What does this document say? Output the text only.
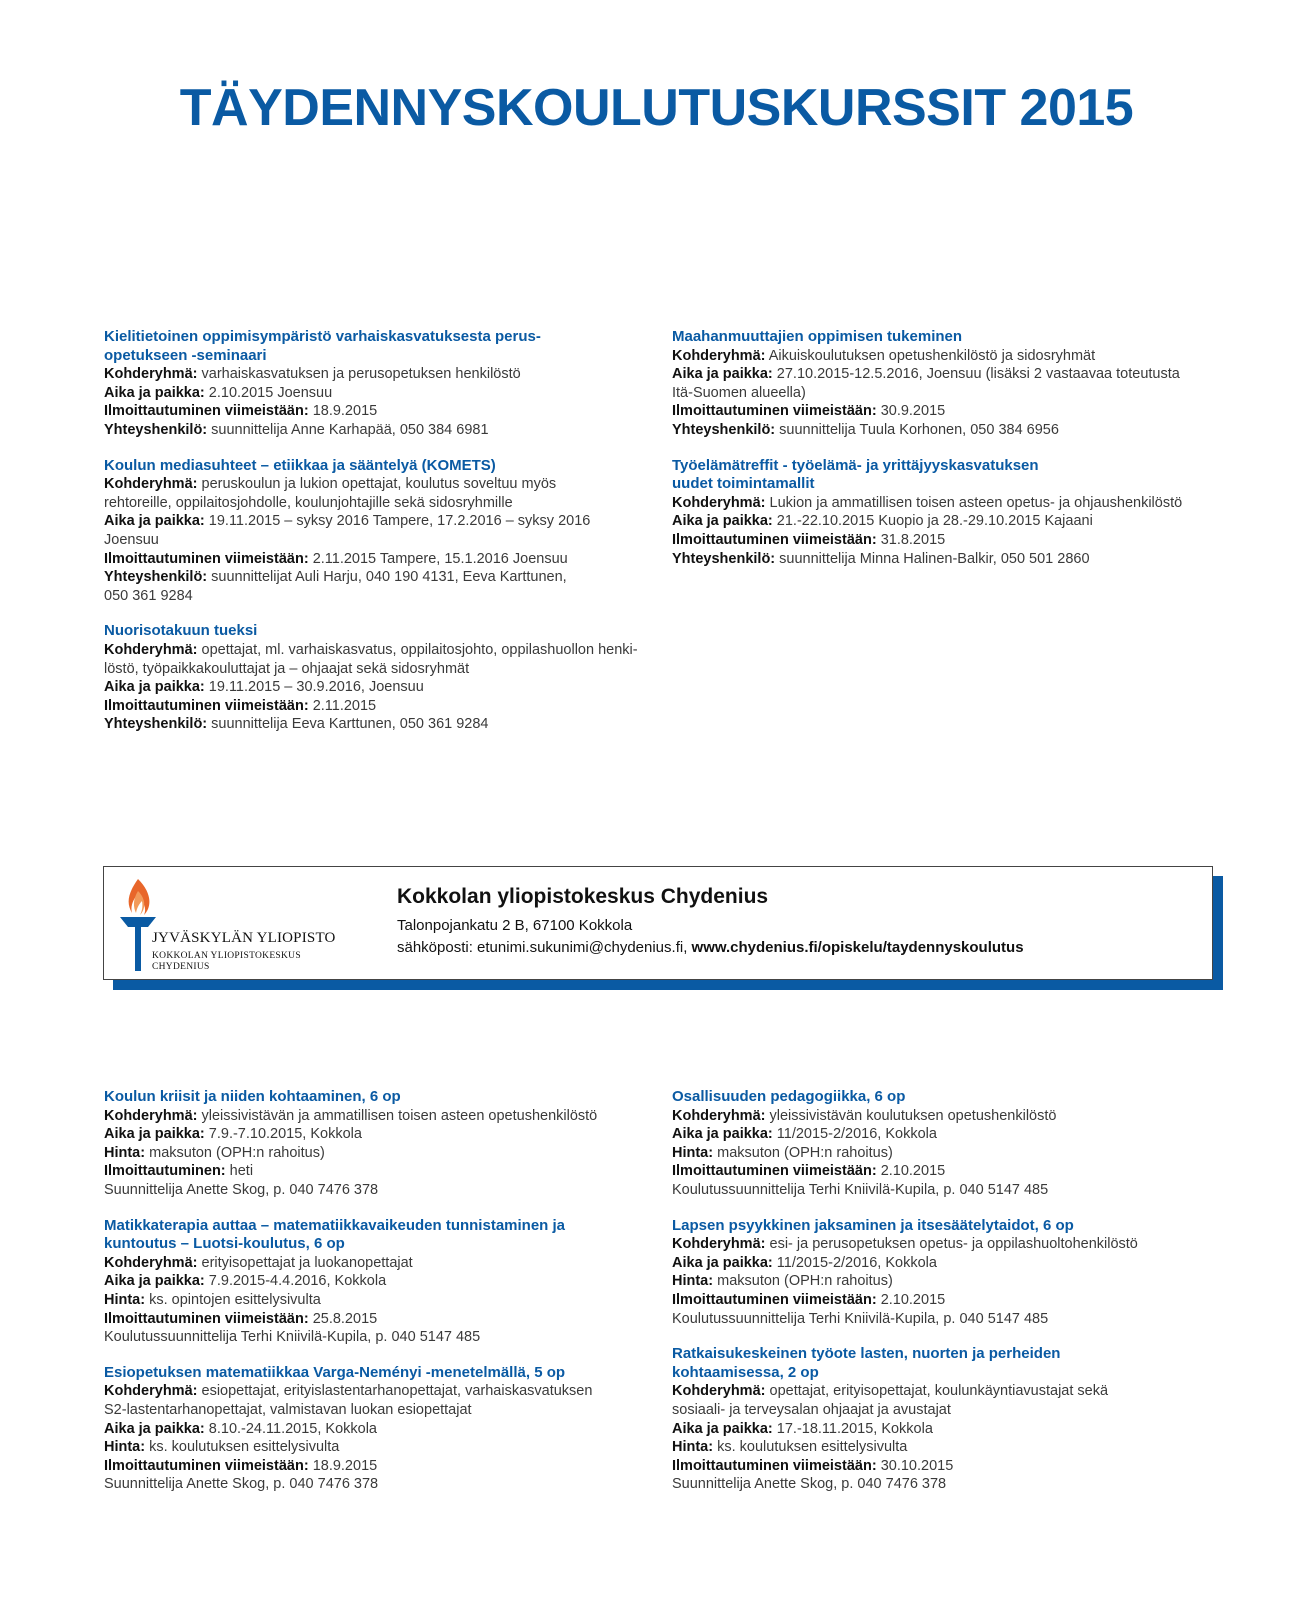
TÄYDENNYSKOULUTUSKURSSIT 2015
Kielitietoinen oppimisympäristö varhaiskasvatuksesta perus-
opetukseen -seminaari
Kohderyhmä: varhaiskasvatuksen ja perusopetuksen henkilöstö
Aika ja paikka: 2.10.2015 Joensuu
Ilmoittautuminen viimeistään: 18.9.2015
Yhteyshenkilö: suunnittelija Anne Karhapää, 050 384 6981
Koulun mediasuhteet – etiikkaa ja sääntelyä (KOMETS)
Kohderyhmä: peruskoulun ja lukion opettajat, koulutus soveltuu myös
rehtoreille, oppilaitosjohdolle, koulunjohtajille sekä sidosryhmille
Aika ja paikka: 19.11.2015 – syksy 2016 Tampere, 17.2.2016 – syksy 2016
Joensuu
Ilmoittautuminen viimeistään: 2.11.2015 Tampere, 15.1.2016 Joensuu
Yhteyshenkilö: suunnittelijat Auli Harju, 040 190 4131, Eeva Karttunen,
050 361 9284
Nuorisotakuun tueksi
Kohderyhmä: opettajat, ml. varhaiskasvatus, oppilaitosjohto, oppilashuollon henki-
löstö, työpaikkakouluttajat ja – ohjaajat sekä sidosryhmät
Aika ja paikka: 19.11.2015 – 30.9.2016, Joensuu
Ilmoittautuminen viimeistään: 2.11.2015
Yhteyshenkilö: suunnittelija Eeva Karttunen, 050 361 9284
Maahanmuuttajien oppimisen tukeminen
Kohderyhmä: Aikuiskoulutuksen opetushenkilöstö ja sidosryhmät
Aika ja paikka: 27.10.2015-12.5.2016, Joensuu (lisäksi 2 vastaavaa toteutusta
Itä-Suomen alueella)
Ilmoittautuminen viimeistään: 30.9.2015
Yhteyshenkilö: suunnittelija Tuula Korhonen, 050 384 6956
Työelämätreffit - työelämä- ja yrittäjyyskasvatuksen
uudet toimintamallit
Kohderyhmä: Lukion ja ammatillisen toisen asteen opetus- ja ohjaushenkilöstö
Aika ja paikka: 21.-22.10.2015 Kuopio ja 28.-29.10.2015 Kajaani
Ilmoittautuminen viimeistään: 31.8.2015
Yhteyshenkilö: suunnittelija Minna Halinen-Balkir, 050 501 2860
JYVÄSKYLÄN YLIOPISTO
KOKKOLAN YLIOPISTOKESKUS
CHYDENIUS
Kokkolan yliopistokeskus Chydenius
Talonpojankatu 2 B, 67100 Kokkola
sähköposti: etunimi.sukunimi@chydenius.fi, www.chydenius.fi/opiskelu/taydennyskoulutus
Koulun kriisit ja niiden kohtaaminen, 6 op
Kohderyhmä: yleissivistävän ja ammatillisen toisen asteen opetushenkilöstö
Aika ja paikka: 7.9.-7.10.2015, Kokkola
Hinta: maksuton (OPH:n rahoitus)
Ilmoittautuminen: heti
Suunnittelija Anette Skog, p. 040 7476 378
Matikkaterapia auttaa – matematiikkavaikeuden tunnistaminen ja
kuntoutus – Luotsi-koulutus, 6 op
Kohderyhmä: erityisopettajat ja luokanopettajat
Aika ja paikka: 7.9.2015-4.4.2016, Kokkola
Hinta: ks. opintojen esittelysivulta
Ilmoittautuminen viimeistään: 25.8.2015
Koulutussuunnittelija Terhi Kniivilä-Kupila, p. 040 5147 485
Esiopetuksen matematiikkaa Varga-Neményi -menetelmällä, 5 op
Kohderyhmä: esiopettajat, erityislastentarhanopettajat, varhaiskasvatuksen
S2-lastentarhanopettajat, valmistavan luokan esiopettajat
Aika ja paikka: 8.10.-24.11.2015, Kokkola
Hinta: ks. koulutuksen esittelysivulta
Ilmoittautuminen viimeistään: 18.9.2015
Suunnittelija Anette Skog, p. 040 7476 378
Osallisuuden pedagogiikka, 6 op
Kohderyhmä: yleissivistävän koulutuksen opetushenkilöstö
Aika ja paikka: 11/2015-2/2016, Kokkola
Hinta: maksuton (OPH:n rahoitus)
Ilmoittautuminen viimeistään: 2.10.2015
Koulutussuunnittelija Terhi Kniivilä-Kupila, p. 040 5147 485
Lapsen psyykkinen jaksaminen ja itsesäätelytaidot, 6 op
Kohderyhmä: esi- ja perusopetuksen opetus- ja oppilashuoltohenkilöstö
Aika ja paikka: 11/2015-2/2016, Kokkola
Hinta: maksuton (OPH:n rahoitus)
Ilmoittautuminen viimeistään: 2.10.2015
Koulutussuunnittelija Terhi Kniivilä-Kupila, p. 040 5147 485
Ratkaisukeskeinen työote lasten, nuorten ja perheiden
kohtaamisessa, 2 op
Kohderyhmä: opettajat, erityisopettajat, koulunkäyntiavustajat sekä
sosiaali- ja terveysalan ohjaajat ja avustajat
Aika ja paikka: 17.-18.11.2015, Kokkola
Hinta: ks. koulutuksen esittelysivulta
Ilmoittautuminen viimeistään: 30.10.2015
Suunnittelija Anette Skog, p. 040 7476 378
